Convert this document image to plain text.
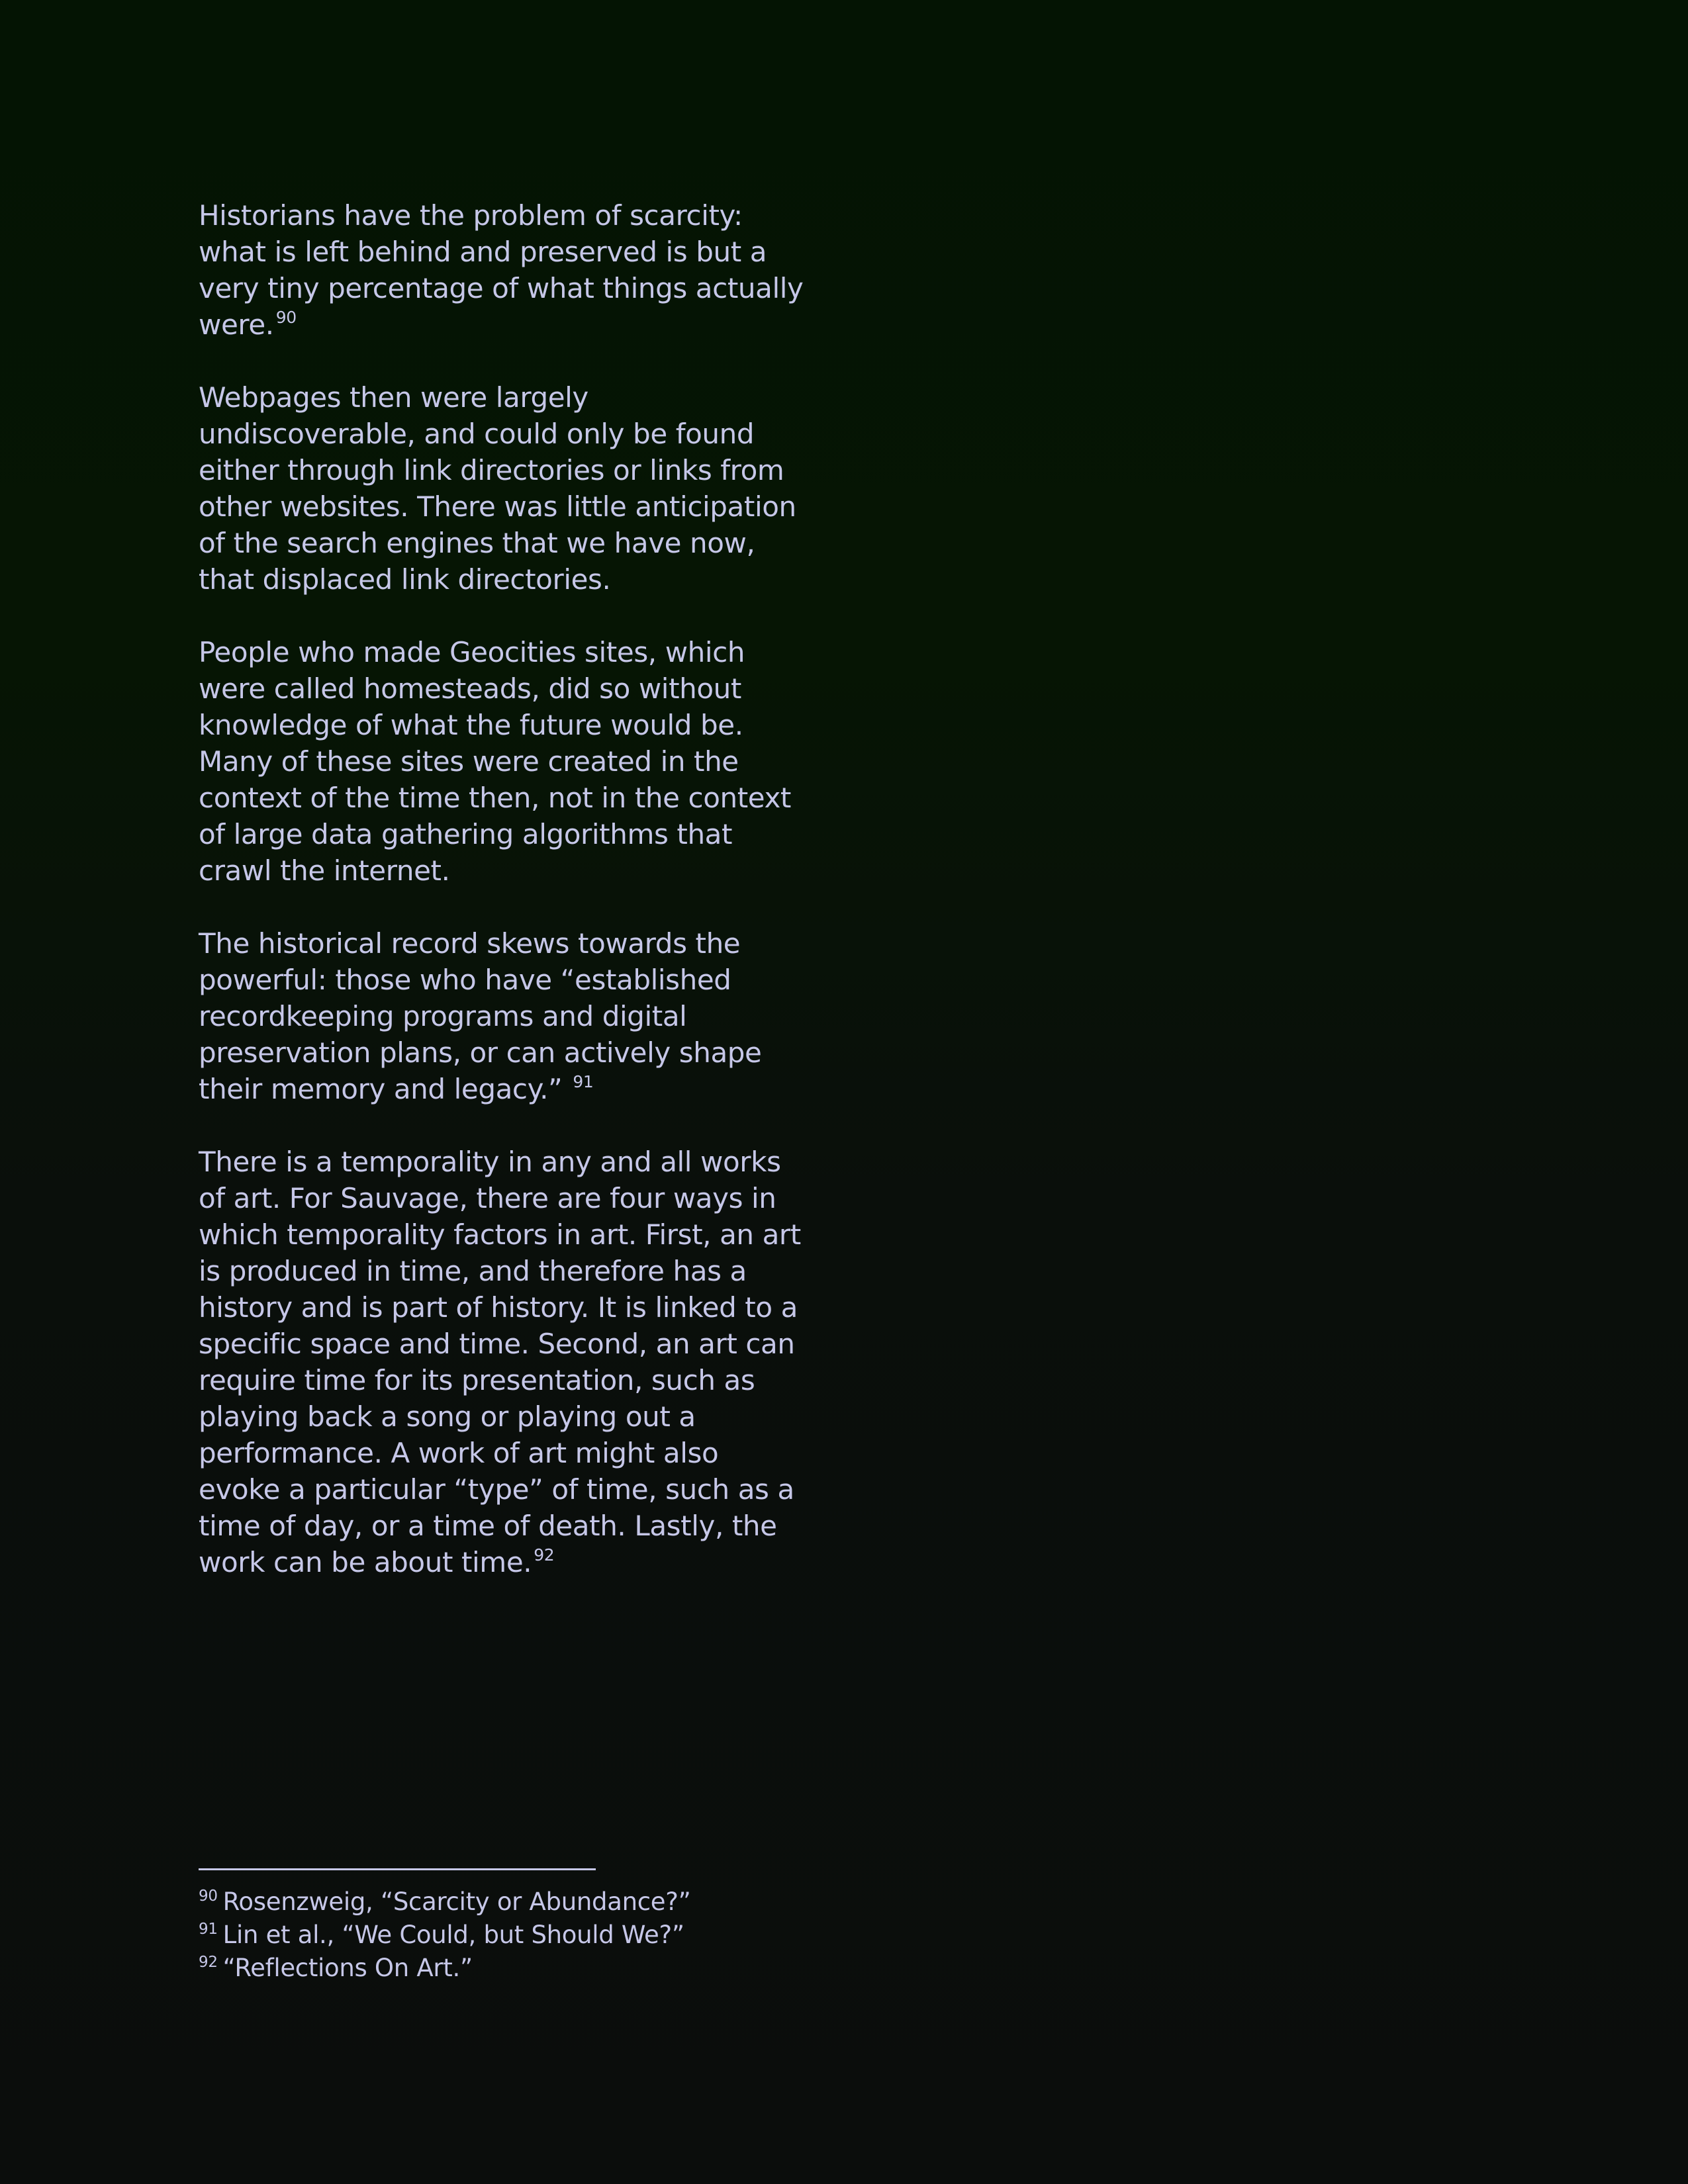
Historians have the problem of scarcity: what is left behind and preserved is but a very tiny percentage of what things actually were. $^{90}$

Webpages then were largely undiscoverable, and could only be found either through link directories or links from other websites. There was little anticipation of the search engines that we have now, that displaced link directories.

People who made Geocities sites, which were called homesteads, did so without knowledge of what the future would be. Many of these sites were created in the context of the time then, not in the context of large data gathering algorithms that crawl the internet.

The historical record skews towards the powerful: those who have “established recordkeeping programs and digital preservation plans, or can actively shape their memory and legacy.” $^{91}$

There is a temporality in any and all works of art. For Sauvage, there are four ways in which temporality factors in art. First, an art is produced in time, and therefore has a history and is part of history. It is linked to a specific space and time. Second, an art can require time for its presentation, such as playing back a song or playing out a performance. A work of art might also evoke a particular “type” of time, such as a time of day, or a time of death. Lastly, the work can be about time. $^{92}$

$^{90}$ Rosenzweig, “Scarcity or Abundance?”

$^{91}$ Lin et al., “We Could, but Should We?”

$^{92}$ “Reflections On Art.”
